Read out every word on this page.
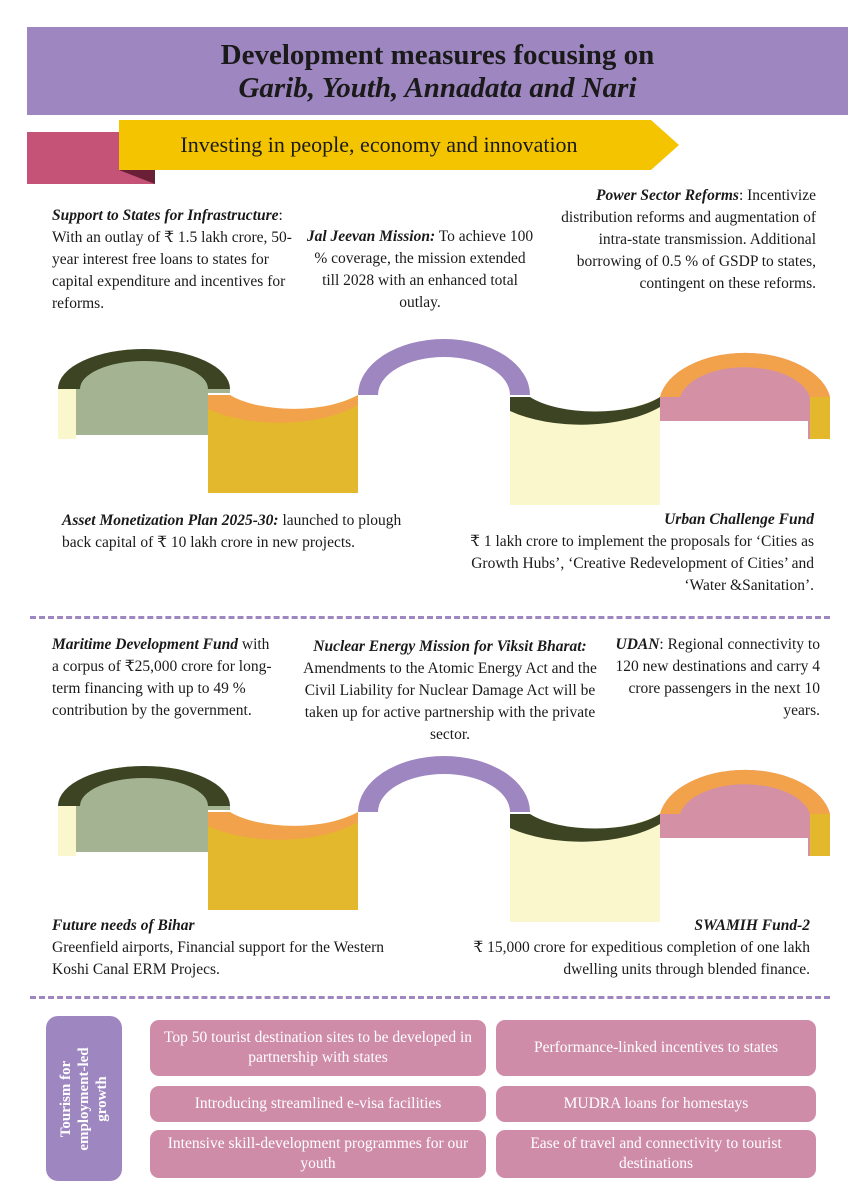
Development measures focusing on
Garib, Youth, Annadata and Nari
Investing in people, economy and innovation
Support to States for Infrastructure: With an outlay of ₹ 1.5 lakh crore, 50-year interest free loans to states for capital expenditure and incentives for reforms.
Jal Jeevan Mission: To achieve 100 % coverage, the mission extended till 2028 with an enhanced total outlay.
Power Sector Reforms: Incentivize distribution reforms and augmentation of intra-state transmission. Additional borrowing of 0.5 % of GSDP to states, contingent on these reforms.
Asset Monetization Plan 2025-30: launched to plough back capital of ₹ 10 lakh crore in new projects.
Urban Challenge Fund
₹ 1 lakh crore to implement the proposals for ‘Cities as Growth Hubs’, ‘Creative Redevelopment of Cities’ and ‘Water &Sanitation’.
Maritime Development Fund with a corpus of ₹25,000 crore for long-term financing with up to 49 % contribution by the government.
Nuclear Energy Mission for Viksit Bharat: Amendments to the Atomic Energy Act and the Civil Liability for Nuclear Damage Act will be taken up for active partnership with the private sector.
UDAN: Regional connectivity to 120 new destinations and carry 4 crore passengers in the next 10 years.
Future needs of Bihar
Greenfield airports, Financial support for the Western Koshi Canal ERM Projecs.
SWAMIH Fund-2
₹ 15,000 crore for expeditious completion of one lakh dwelling units through blended finance.
Tourism for employment-led growth
Top 50 tourist destination sites to be developed in partnership with states
Performance-linked incentives to states
Introducing streamlined e-visa facilities	MUDRA loans for homestays
Intensive skill-development programmes for our youth
Ease of travel and connectivity to tourist destinations
